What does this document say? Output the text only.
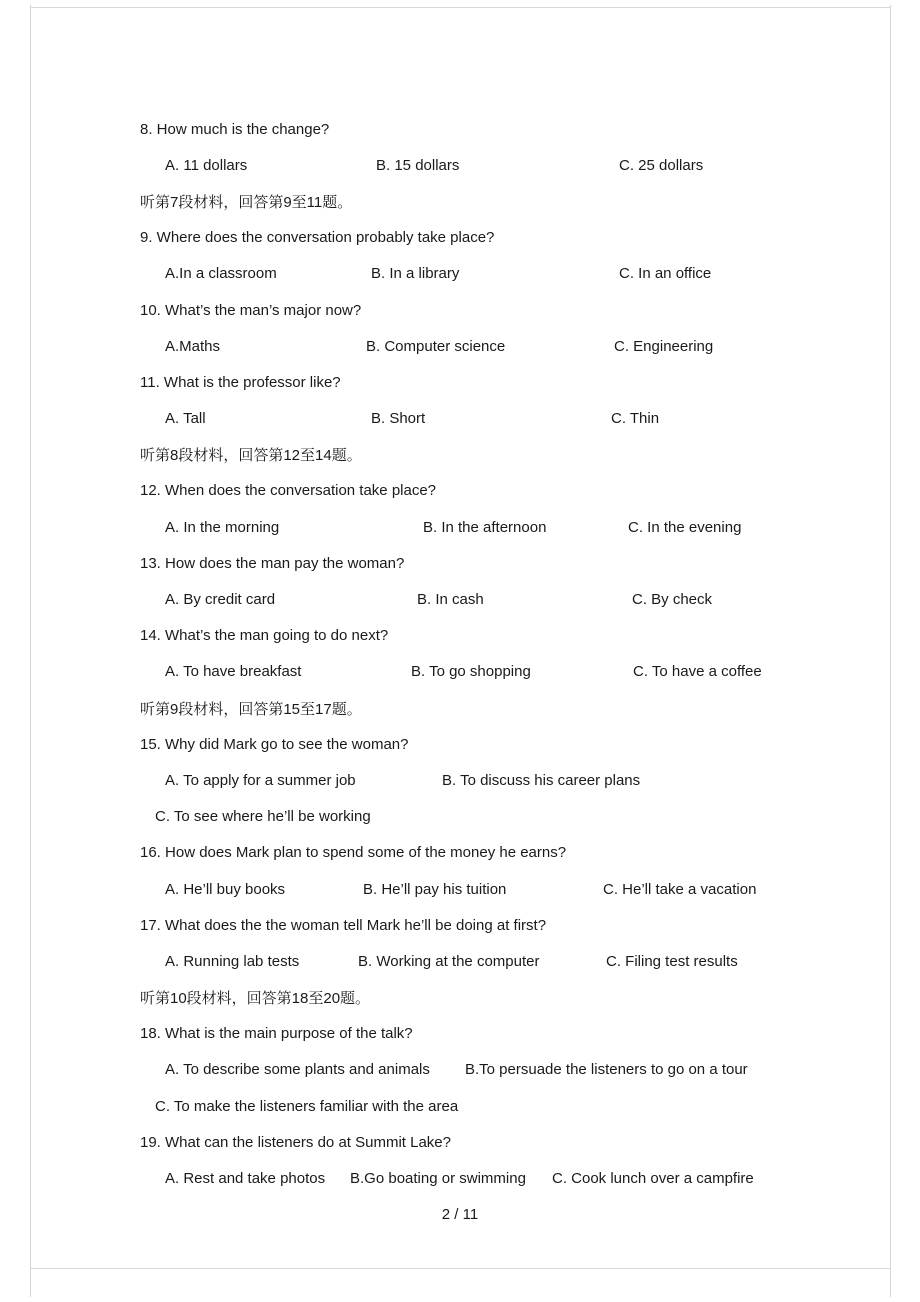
8. How much is the change?
A. 11 dollars	B. 15 dollars	C. 25 dollars
听第7段材料，回答第9至11题。
9. Where does the conversation probably take place?
A.In a classroom	B. In a library	C. In an office
10. What’s the man’s major now?
A.Maths	B. Computer science	C. Engineering
11. What is the professor like?
A. Tall	B. Short	C. Thin
听第8段材料，回答第12至14题。
12. When does the conversation take place?
A. In the morning	B. In the afternoon	C. In the evening
13. How does the man pay the woman?
A. By credit card	B. In cash	C. By check
14. What’s the man going to do next?
A. To have breakfast	B. To go shopping	C. To have a coffee
听第9段材料，回答第15至17题。
15. Why did Mark go to see the woman?
A. To apply for a summer job	B. To discuss his career plans
C. To see where he’ll be working
16. How does Mark plan to spend some of the money he earns?
A. He’ll buy books	B. He’ll pay his tuition	C. He’ll take a vacation
17. What does the the woman tell Mark he’ll be doing at first?
A. Running lab tests	B. Working at the computer	C. Filing test results
听第10段材料，回答第18至20题。
18. What is the main purpose of the talk?
A. To describe some plants and animals	B.To persuade the listeners to go on a tour
C. To make the listeners familiar with the area
19. What can the listeners do at Summit Lake?
A. Rest and take photos	B.Go boating or swimming	C. Cook lunch over a campfire
2 / 11
